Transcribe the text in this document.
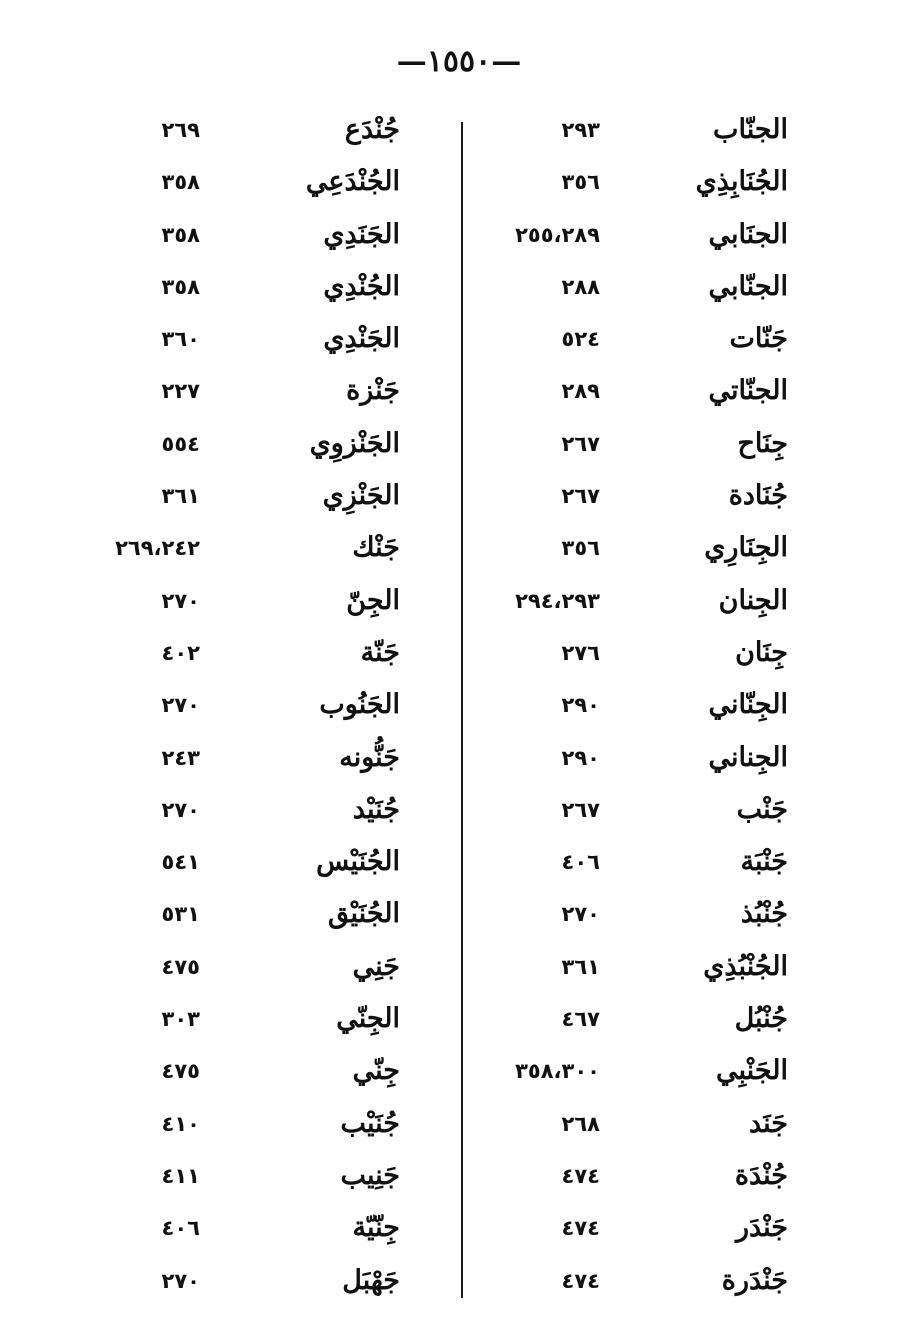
—١٥٥٠—
الجنّاب
٢٩٣
الجُنَابِذِي
٣٥٦
الجنَابي
٢٥٥،٢٨٩
الجنّابي
٢٨٨
جَنّات
٥٢٤
الجنّاتي
٢٨٩
جِنَاح
٢٦٧
جُنَادة
٢٦٧
الجِنَارِي
٣٥٦
الجِنان
٢٩٤،٢٩٣
جِنَان
٢٧٦
الجِنّاني
٢٩٠
الجِناني
٢٩٠
جَنْب
٢٦٧
جَنْبَة
٤٠٦
جُنْبُذ
٢٧٠
الجُنْبُذِي
٣٦١
جُنْبُل
٤٦٧
الجَنْبِي
٣٥٨،٣٠٠
جَنَد
٢٦٨
جُنْدَة
٤٧٤
جَنْدَر
٤٧٤
جَنْدَرة
٤٧٤
جُنْدَع
٢٦٩
الجُنْدَعِي
٣٥٨
الجَنَدِي
٣٥٨
الجُنْدِي
٣٥٨
الجَنْدِي
٣٦٠
جَنْزة
٢٢٧
الجَنْزوِي
٥٥٤
الجَنْزِي
٣٦١
جَنْك
٢٦٩،٢٤٢
الجِنّ
٢٧٠
جَنّة
٤٠٢
الجَنُوب
٢٧٠
جَنُّونه
٢٤٣
جُنَيْد
٢٧٠
الجُنَيْس
٥٤١
الجُنَيْق
٥٣١
جَنِي
٤٧٥
الجِنّي
٣٠٣
جِنّي
٤٧٥
جُنَيْب
٤١٠
جَنِيب
٤١١
جِنّيّة
٤٠٦
جَهْبَل
٢٧٠
